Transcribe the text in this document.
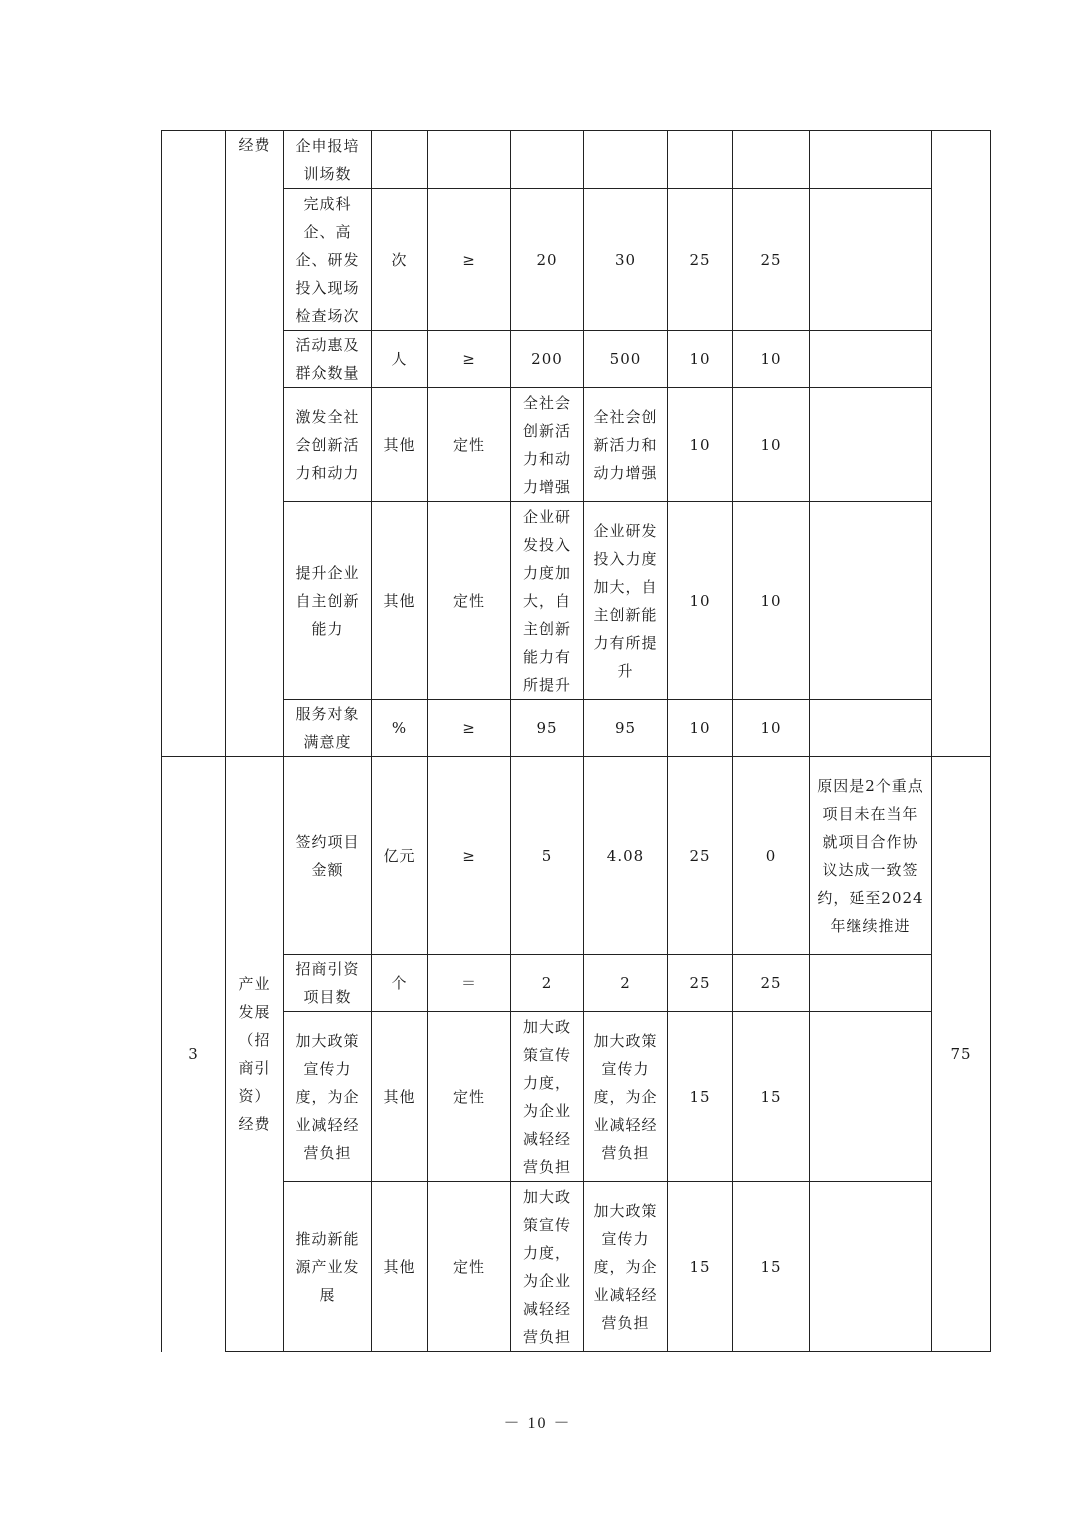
	经费	企申报培训场数								
		完成科企、高企、研发投入现场检查场次	次	≥	20	30	25	25		
		活动惠及群众数量	人	≥	200	500	10	10		
		激发全社会创新活力和动力	其他	定性	全社会创新活力和动力增强	全社会创新活力和动力增强	10	10		
		提升企业自主创新能力	其他	定性	企业研发投入力度加大，自主创新能力有所提升	企业研发投入力度加大，自主创新能力有所提升	10	10		
		服务对象满意度	%	≥	95	95	10	10		
3	产业发展（招商引资）经费	签约项目金额	亿元	≥	5	4.08	25	0	原因是2个重点项目未在当年就项目合作协议达成一致签约，延至2024年继续推进	75
		招商引资项目数	个	＝	2	2	25	25		
		加大政策宣传力度，为企业减轻经营负担	其他	定性	加大政策宣传力度，为企业减轻经营负担	加大政策宣传力度，为企业减轻经营负担	15	15		
		推动新能源产业发展	其他	定性	加大政策宣传力度，为企业减轻经营负担	加大政策宣传力度，为企业减轻经营负担	15	15		
－ 10 －
